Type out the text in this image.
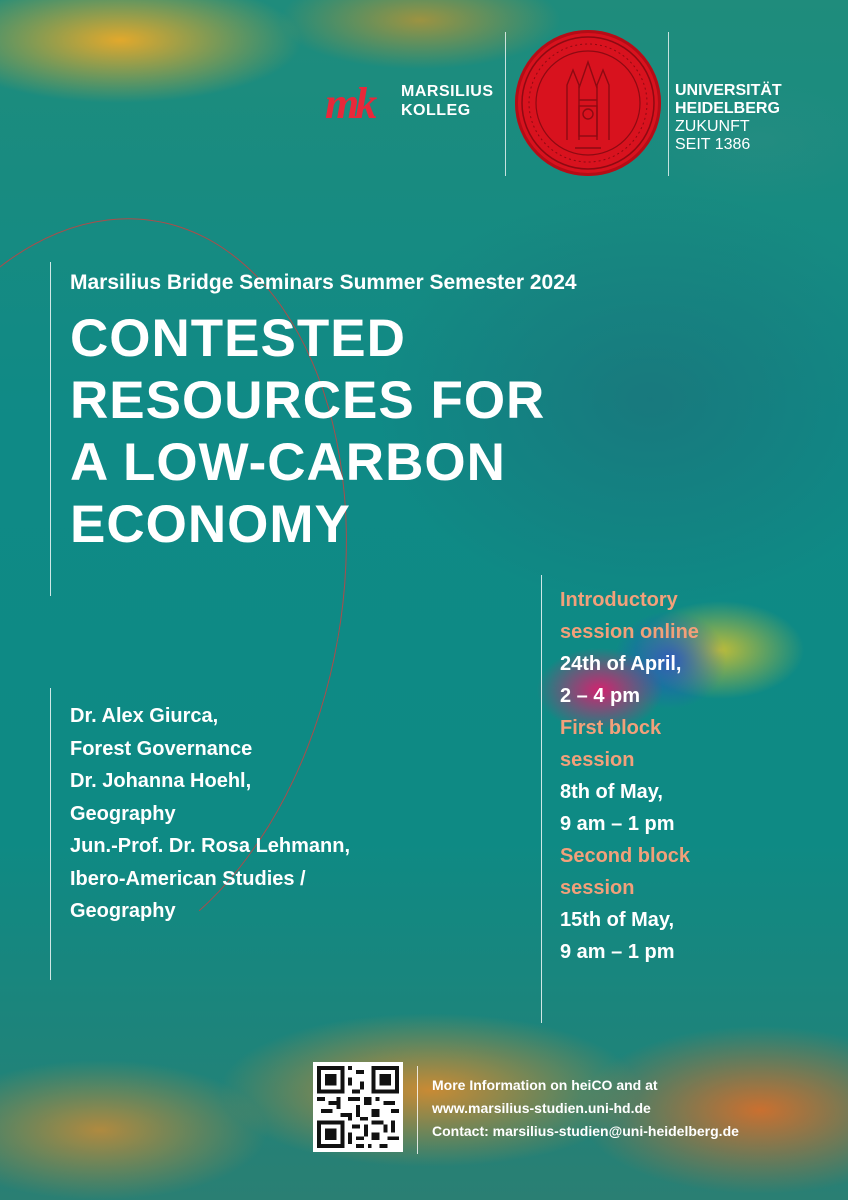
mk MARSILIUS
KOLLEG
UNIVERSITÄT
HEIDELBERG
ZUKUNFT
SEIT 1386
Marsilius Bridge Seminars Summer Semester 2024
CONTESTED
RESOURCES FOR
A LOW-CARBON
ECONOMY
Dr. Alex Giurca,
Forest Governance
Dr. Johanna Hoehl,
Geography
Jun.-Prof. Dr. Rosa Lehmann,
Ibero-American Studies /
Geography
Introductory
session online
24th of April,
2 – 4 pm
First block
session
8th of May,
9 am – 1 pm
Second block
session
15th of May,
9 am – 1 pm
More Information on heiCO and at
www.marsilius-studien.uni-hd.de
Contact: marsilius-studien@uni-heidelberg.de
